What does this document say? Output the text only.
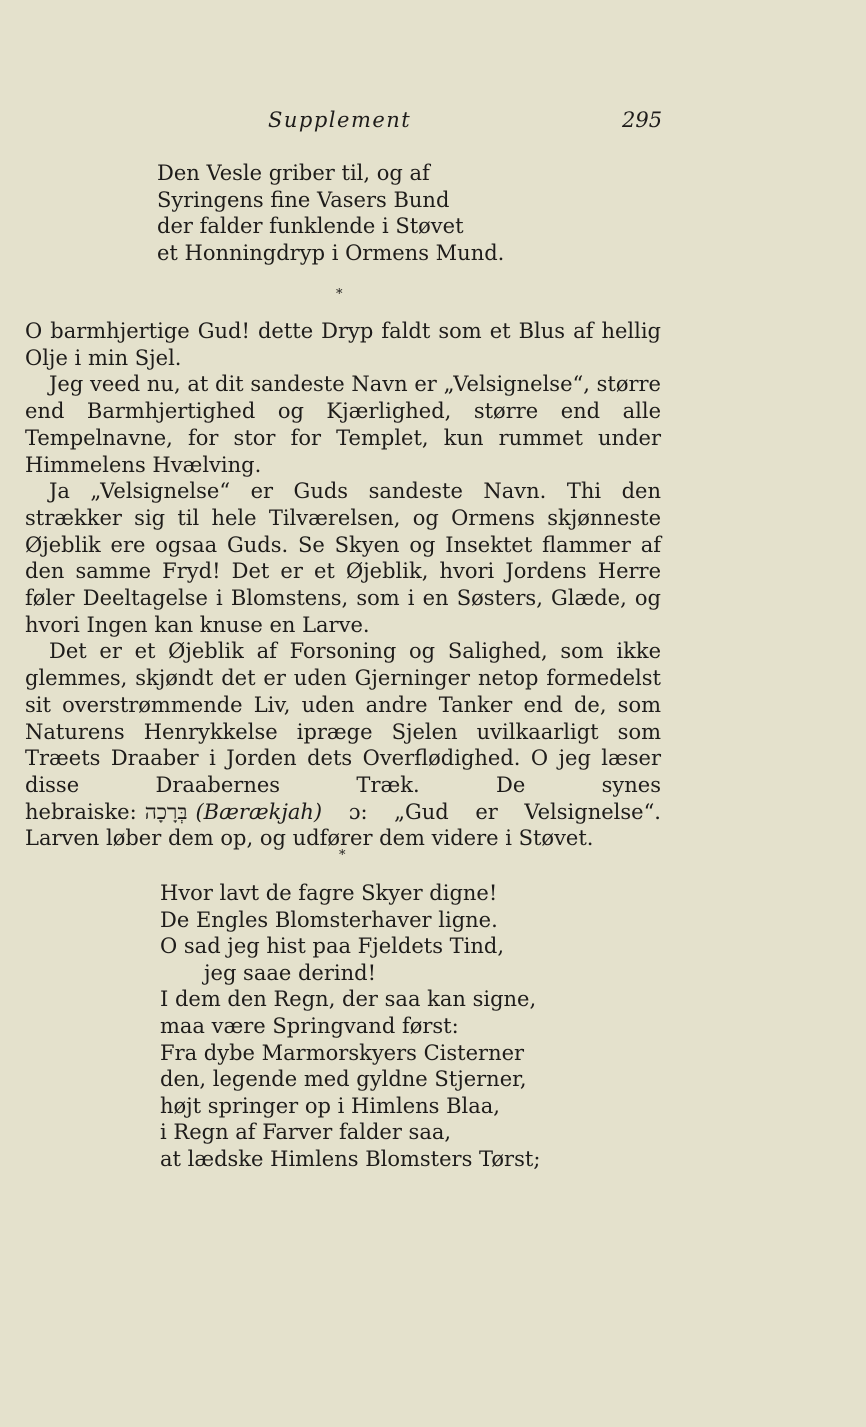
Supplement	295
Den Vesle griber til, og af
Syringens fine Vasers Bund
der falder funklende i Støvet
et Honningdryp i Ormens Mund.
*

O barmhjertige Gud! dette Dryp faldt som et Blus af hellig Olje i min Sjel.

Jeg veed nu, at dit sandeste Navn er „Velsignelse“, større end Barmhjertighed og Kjærlighed, større end alle Tempelnavne, for stor for Templet, kun rummet under Himmelens Hvælving.

Ja „Velsignelse“ er Guds sandeste Navn. Thi den strækker sig til hele Tilværelsen, og Ormens skjønneste Øjeblik ere ogsaa Guds. Se Skyen og Insektet flammer af den samme Fryd! Det er et Øjeblik, hvori Jordens Herre føler Deeltagelse i Blomstens, som i en Søsters, Glæde, og hvori Ingen kan knuse en Larve.

Det er et Øjeblik af Forsoning og Salighed, som ikke glemmes, skjøndt det er uden Gjerninger netop formedelst sit overstrømmende Liv, uden andre Tanker end de, som Naturens Henrykkelse ipræge Sjelen uvilkaarligt som Træets Draaber i Jorden dets Overflødighed. O jeg læser disse Draabernes Træk. De synes hebraiske: בְּרָכָה (Bærækjah) ɔ: „Gud er Velsignelse“. Larven løber dem op, og udfører dem videre i Støvet.

*
Hvor lavt de fagre Skyer digne!
De Engles Blomsterhaver ligne.
O sad jeg hist paa Fjeldets Tind,
jeg saae derind!
I dem den Regn, der saa kan signe,
maa være Springvand først:
Fra dybe Marmorskyers Cisterner
den, legende med gyldne Stjerner,
højt springer op i Himlens Blaa,
i Regn af Farver falder saa,
at lædske Himlens Blomsters Tørst;
